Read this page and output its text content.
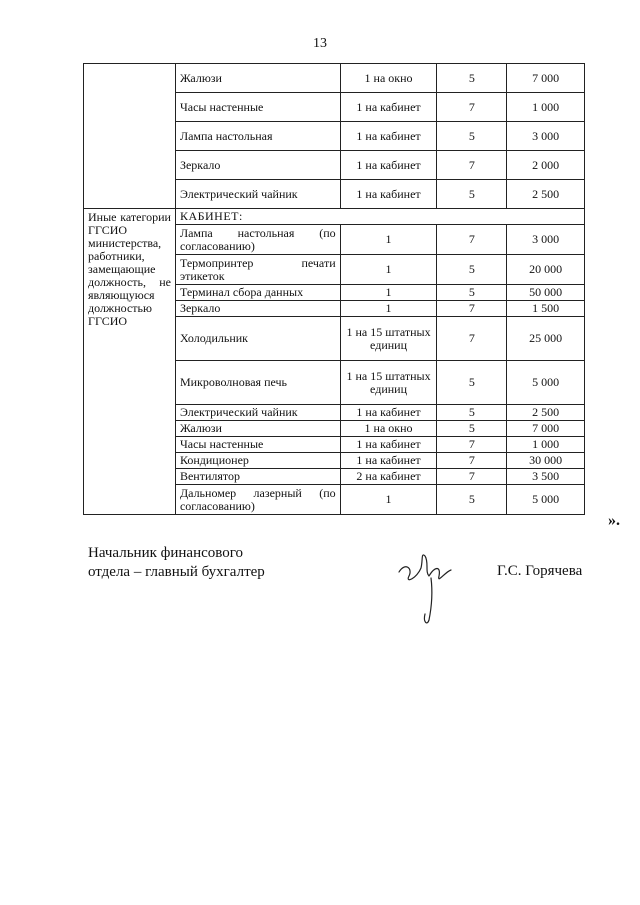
13
	Жалюзи	1 на окно	5	7 000
	Часы настенные	1 на кабинет	7	1 000
	Лампа настольная	1 на кабинет	5	3 000
	Зеркало	1 на кабинет	7	2 000
	Электрический чайник	1 на кабинет	5	2 500
Иные категории ГГСИО министерства, работники, замещающие должность, не являющуюся должностью ГГСИО	КАБИНЕТ:			
	Лампа настольная (по согласованию)	1	7	3 000
	Термопринтер печати этикеток	1	5	20 000
	Терминал сбора данных	1	5	50 000
	Зеркало	1	7	1 500
	Холодильник	1 на 15 штатных единиц	7	25 000
	Микроволновая печь	1 на 15 штатных единиц	5	5 000
	Электрический чайник	1 на кабинет	5	2 500
	Жалюзи	1 на окно	5	7 000
	Часы настенные	1 на кабинет	7	1 000
	Кондиционер	1 на кабинет	7	30 000
	Вентилятор	2 на кабинет	7	3 500
	Дальномер лазерный (по согласованию)	1	5	5 000
».
Начальник финансового
отдела – главный бухгалтер	Г.С. Горячева
